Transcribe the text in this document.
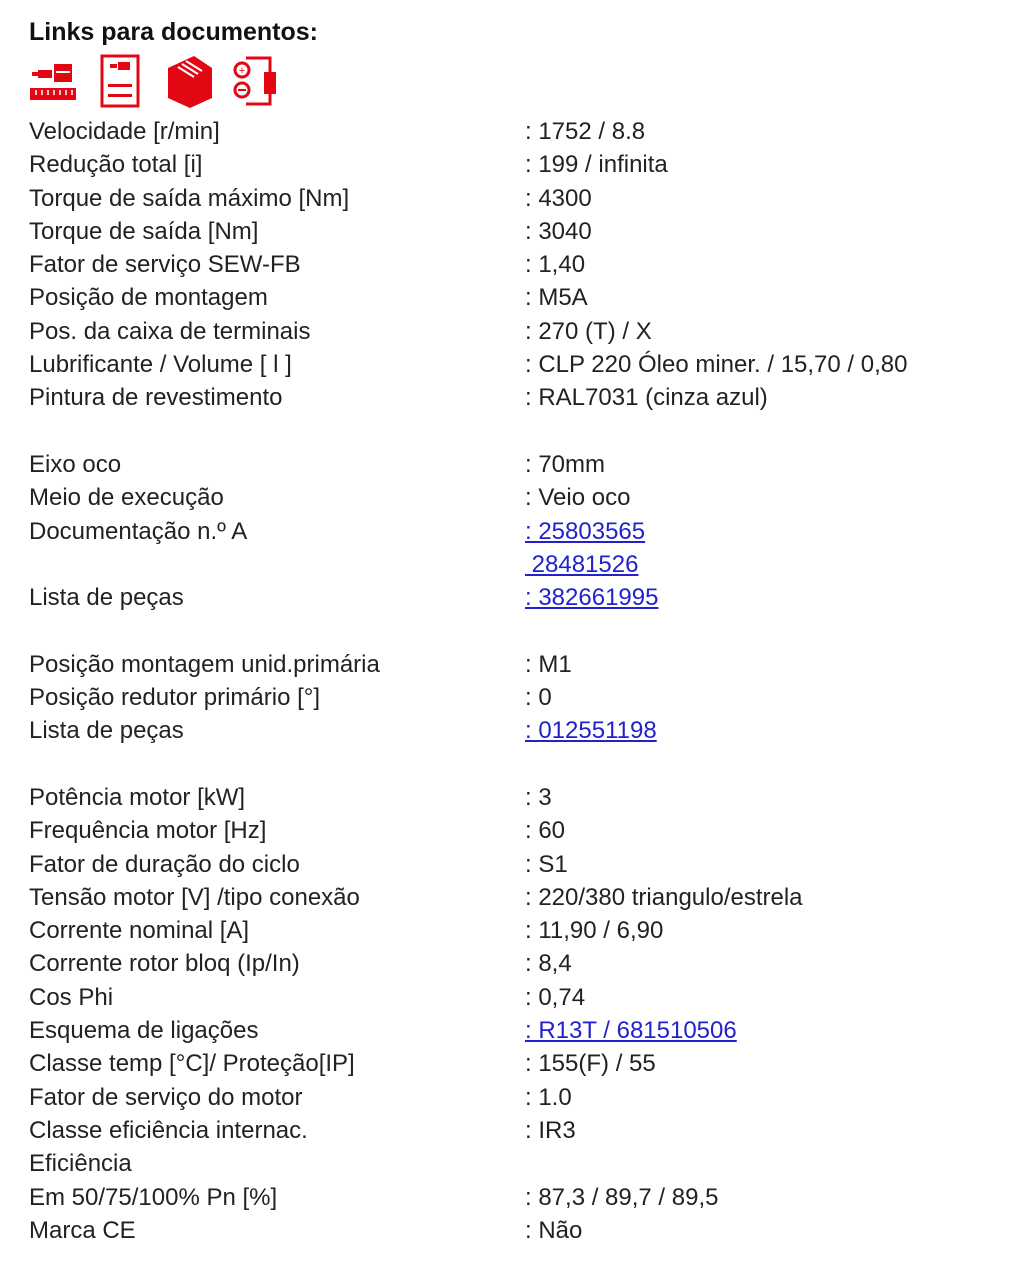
Links para documentos:
+
Velocidade [r/min]	: 1752 / 8.8
Redução total [i]	: 199 / infinita
Torque de saída máximo [Nm]	: 4300
Torque de saída [Nm]	: 3040
Fator de serviço SEW-FB	: 1,40
Posição de montagem	: M5A
Pos. da caixa de terminais	: 270 (T) / X
Lubrificante / Volume [ l ]	: CLP 220 Óleo miner. / 15,70 / 0,80
Pintura de revestimento	: RAL7031 (cinza azul)
Eixo oco	: 70mm
Meio de execução	: Veio oco
Documentação n.º A	: 25803565
28481526
Lista de peças	: 382661995
Posição montagem unid.primária	: M1
Posição redutor primário [°]	: 0
Lista de peças	: 012551198
Potência motor [kW]	: 3
Frequência motor [Hz]	: 60
Fator de duração do ciclo	: S1
Tensão motor [V] /tipo conexão	: 220/380 triangulo/estrela
Corrente nominal [A]	: 11,90 / 6,90
Corrente rotor bloq (Ip/In)	: 8,4
Cos Phi	: 0,74
Esquema de ligações	: R13T / 681510506
Classe temp [°C]/ Proteção[IP]	: 155(F) / 55
Fator de serviço do motor	: 1.0
Classe eficiência internac.	: IR3
Eficiência
Em 50/75/100% Pn [%]	: 87,3 / 89,7 / 89,5
Marca CE	: Não
